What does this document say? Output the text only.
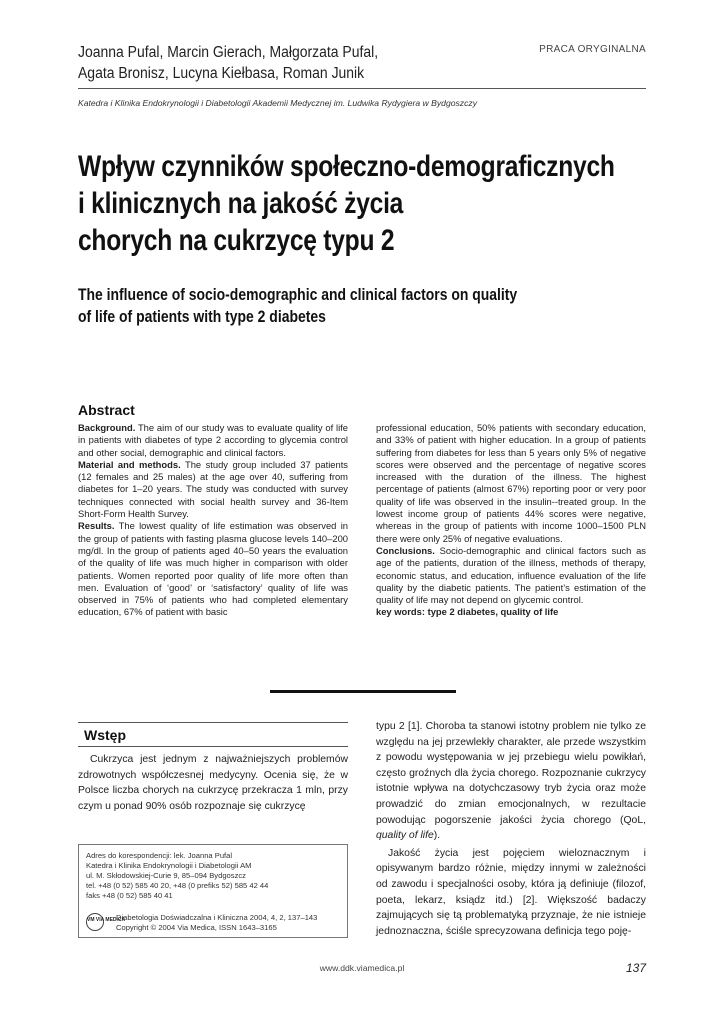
Joanna Pufal, Marcin Gierach, Małgorzata Pufal,
Agata Bronisz, Lucyna Kiełbasa, Roman Junik
PRACA ORYGINALNA
Katedra i Klinika Endokrynologii i Diabetologii Akademii Medycznej im. Ludwika Rydygiera w Bydgoszczy
Wpływ czynników społeczno-demograficznych
i klinicznych na jakość życia
chorych na cukrzycę typu 2
The influence of socio-demographic and clinical factors on quality
of life of patients with type 2 diabetes
Abstract

Background. The aim of our study was to evaluate quality of life in patients with diabetes of type 2 according to glycemia control and other social, demographic and clinical factors.

Material and methods. The study group included 37 patients (12 females and 25 males) at the age over 40, suffering from diabetes for 1–20 years. The study was conducted with survey techniques connected with social health survey and 36-Item Short-Form Health Survey.

Results. The lowest quality of life estimation was observed in the group of patients with fasting plasma glucose levels 140–200 mg/dl. In the group of patients aged 40–50 years the evaluation of the quality of life was much higher in comparison with older patients. Women reported poor quality of life more often than men. Evaluation of ‘good’ or ‘satisfactory’ quality of life was observed in 75% of patients who had completed elementary education, 67% of patient with basic

professional education, 50% patients with secondary education, and 33% of patient with higher education. In a group of patients suffering from diabetes for less than 5 years only 5% of negative scores were observed and the percentage of negative scores increased with the duration of the illness. The highest percentage of patients (almost 67%) reporting poor or very poor quality of life was observed in the insulin--treated group. In the lowest income group of patients 44% scores were negative, whereas in the group of patients with income 1000–1500 PLN there were only 25% of negative evaluations.

Conclusions. Socio-demographic and clinical factors such as age of the patients, duration of the illness, methods of therapy, economic status, and education, influence evaluation of the life quality by the diabetic patients. The patient’s estimation of the quality of life may not depend on glycemic control.

key words: type 2 diabetes, quality of life

Wstęp
Cukrzyca jest jednym z najważniejszych problemów zdrowotnych współczesnej medycyny. Ocenia się, że w Polsce liczba chorych na cukrzycę przekracza 1 mln, przy czym u ponad 90% osób rozpoznaje się cukrzycę
Adres do korespondencji: lek. Joanna Pufal
Katedra i Klinika Endokrynologii i Diabetologii AM
ul. M. Skłodowskiej-Curie 9, 85–094 Bydgoszcz
tel. +48 (0 52) 585 40 20, +48 (0 prefiks 52) 585 42 44
faks +48 (0 52) 585 40 41
VM VIA MEDICA
Diabetologia Doświadczalna i Kliniczna 2004, 4, 2, 137–143
Copyright © 2004 Via Medica, ISSN 1643–3165

typu 2 [1]. Choroba ta stanowi istotny problem nie tylko ze względu na jej przewlekły charakter, ale przede wszystkim z powodu występowania w jej przebiegu wielu powikłań, często groźnych dla życia chorego. Rozpoznanie cukrzycy istotnie wpływa na dotychczasowy tryb życia oraz może prowadzić do zmian emocjonalnych, w rezultacie powodując pogorszenie jakości życia chorego (QoL, quality of life).

Jakość życia jest pojęciem wieloznacznym i opisywanym bardzo różnie, między innymi w zależności od zawodu i specjalności osoby, która ją definiuje (filozof, poeta, lekarz, ksiądz itd.) [2]. Większość badaczy zajmujących się tą problematyką przyznaje, że nie istnieje jednoznaczna, ściśle sprecyzowana definicja tego poję-

www.ddk.viamedica.pl	137
